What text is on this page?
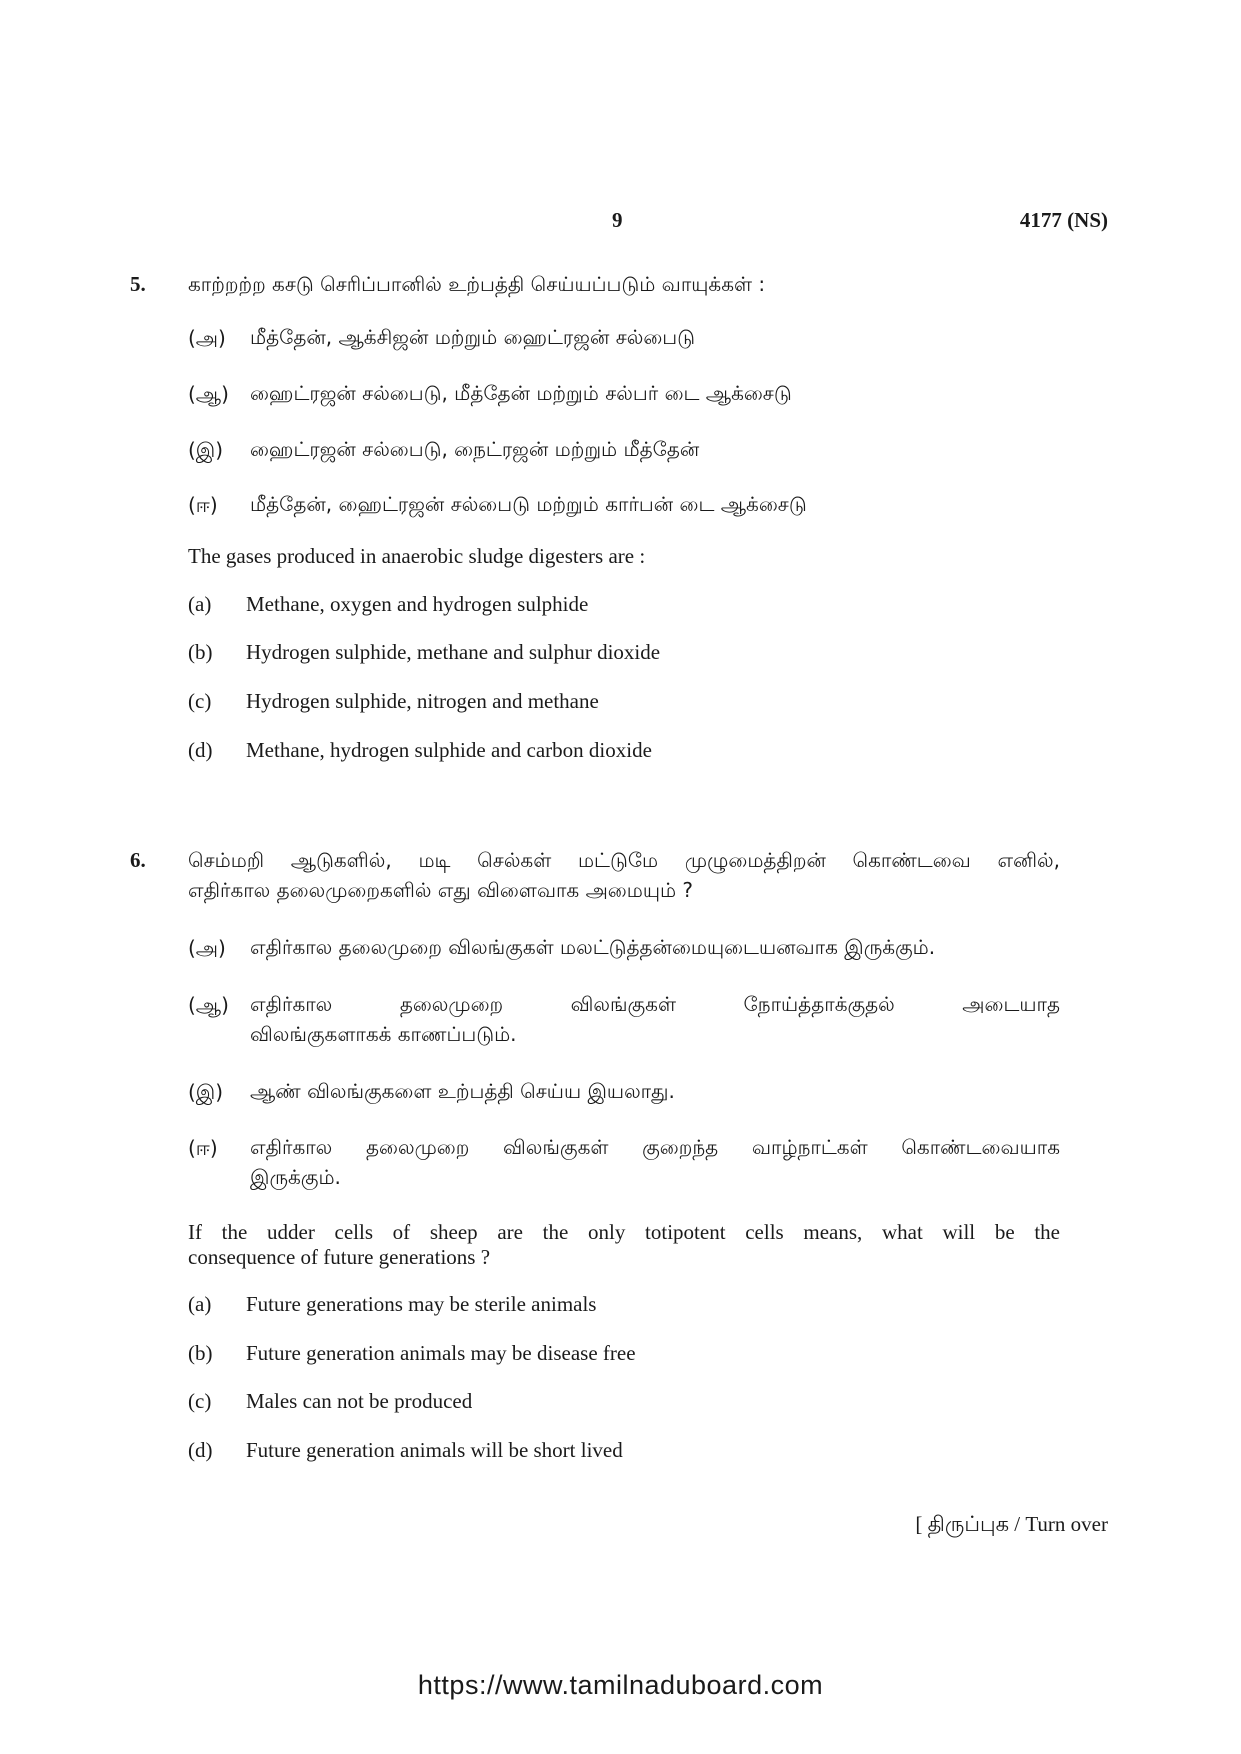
9	4177 (NS)
5. காற்றற்ற கசடு செரிப்பானில் உற்பத்தி செய்யப்படும் வாயுக்கள் :
(அ) மீத்தேன், ஆக்சிஜன் மற்றும் ஹைட்ரஜன் சல்பைடு
(ஆ) ஹைட்ரஜன் சல்பைடு, மீத்தேன் மற்றும் சல்பர் டை ஆக்சைடு
(இ) ஹைட்ரஜன் சல்பைடு, நைட்ரஜன் மற்றும் மீத்தேன்
(ஈ) மீத்தேன், ஹைட்ரஜன் சல்பைடு மற்றும் கார்பன் டை ஆக்சைடு
The gases produced in anaerobic sludge digesters are :
(a) Methane, oxygen and hydrogen sulphide
(b) Hydrogen sulphide, methane and sulphur dioxide
(c) Hydrogen sulphide, nitrogen and methane
(d) Methane, hydrogen sulphide and carbon dioxide
6. செம்மறி ஆடுகளில், மடி செல்கள் மட்டுமே முழுமைத்திறன் கொண்டவை எனில்,
எதிர்கால தலைமுறைகளில் எது விளைவாக அமையும் ?
(அ) எதிர்கால தலைமுறை விலங்குகள் மலட்டுத்தன்மையுடையனவாக இருக்கும்.
(ஆ) எதிர்கால தலைமுறை விலங்குகள் நோய்த்தாக்குதல் அடையாத
விலங்குகளாகக் காணப்படும்.
(இ) ஆண் விலங்குகளை உற்பத்தி செய்ய இயலாது.
(ஈ) எதிர்கால தலைமுறை விலங்குகள் குறைந்த வாழ்நாட்கள் கொண்டவையாக
இருக்கும்.
If the udder cells of sheep are the only totipotent cells means, what will be the
consequence of future generations ?
(a) Future generations may be sterile animals
(b) Future generation animals may be disease free
(c) Males can not be produced
(d) Future generation animals will be short lived
[ திருப்புக / Turn over
https://www.tamilnaduboard.com
